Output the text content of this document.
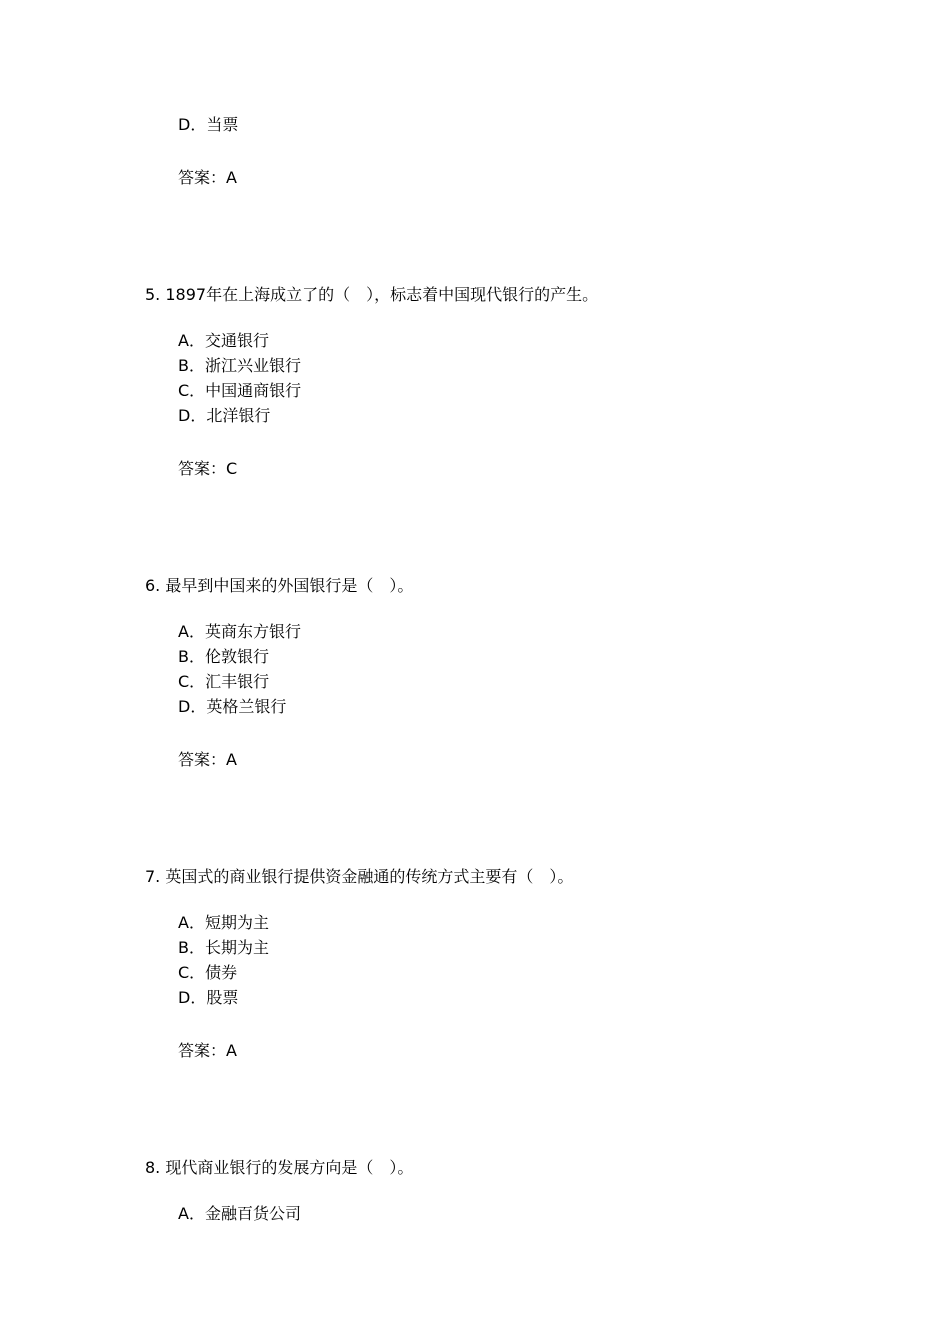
D．当票
答案：A
5. 1897年在上海成立了的（　），标志着中国现代银行的产生。
A．交通银行
B．浙江兴业银行
C．中国通商银行
D．北洋银行
答案：C
6. 最早到中国来的外国银行是（　）。
A．英商东方银行
B．伦敦银行
C．汇丰银行
D．英格兰银行
答案：A
7. 英国式的商业银行提供资金融通的传统方式主要有（　）。
A．短期为主
B．长期为主
C．债券
D．股票
答案：A
8. 现代商业银行的发展方向是（　）。
A．金融百货公司
